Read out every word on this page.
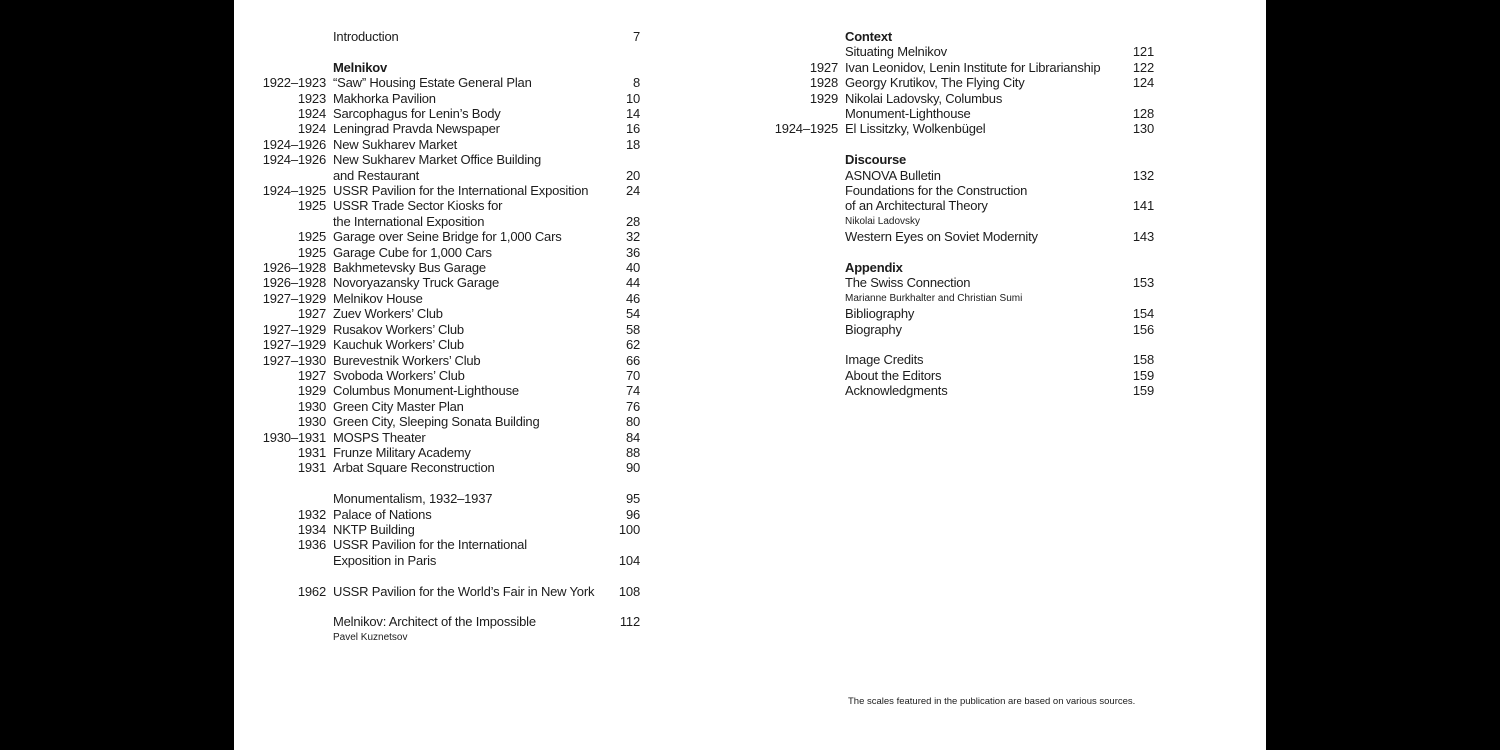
Introduction	7
Melnikov
1922–1923 “Saw” Housing Estate General Plan	8
1923 Makhorka Pavilion	10
1924 Sarcophagus for Lenin’s Body	14
1924 Leningrad Pravda Newspaper	16
1924–1926 New Sukharev Market	18
1924–1926 New Sukharev Market Office Building
and Restaurant	20
1924–1925 USSR Pavilion for the International Exposition	24
1925 USSR Trade Sector Kiosks for
the International Exposition	28
1925 Garage over Seine Bridge for 1,000 Cars	32
1925 Garage Cube for 1,000 Cars	36
1926–1928 Bakhmetevsky Bus Garage	40
1926–1928 Novoryazansky Truck Garage	44
1927–1929 Melnikov House	46
1927 Zuev Workers’ Club	54
1927–1929 Rusakov Workers’ Club	58
1927–1929 Kauchuk Workers’ Club	62
1927–1930 Burevestnik Workers’ Club	66
1927 Svoboda Workers’ Club	70
1929 Columbus Monument-Lighthouse	74
1930 Green City Master Plan	76
1930 Green City, Sleeping Sonata Building	80
1930–1931 MOSPS Theater	84
1931 Frunze Military Academy	88
1931 Arbat Square Reconstruction	90
Monumentalism, 1932–1937	95
1932 Palace of Nations	96
1934 NKTP Building	100
1936 USSR Pavilion for the International
Exposition in Paris	104
1962 USSR Pavilion for the World’s Fair in New York	108
Melnikov: Architect of the Impossible	112
Pavel Kuznetsov
Context
Situating Melnikov	121
1927 Ivan Leonidov, Lenin Institute for Librarianship	122
1928 Georgy Krutikov, The Flying City	124
1929 Nikolai Ladovsky, Columbus
Monument-Lighthouse	128
1924–1925 El Lissitzky, Wolkenbügel	130
Discourse
ASNOVA Bulletin	132
Foundations for the Construction
of an Architectural Theory	141
Nikolai Ladovsky
Western Eyes on Soviet Modernity	143
Appendix
The Swiss Connection	153
Marianne Burkhalter and Christian Sumi
Bibliography	154
Biography	156
Image Credits	158
About the Editors	159
Acknowledgments	159
The scales featured in the publication are based on various sources.
